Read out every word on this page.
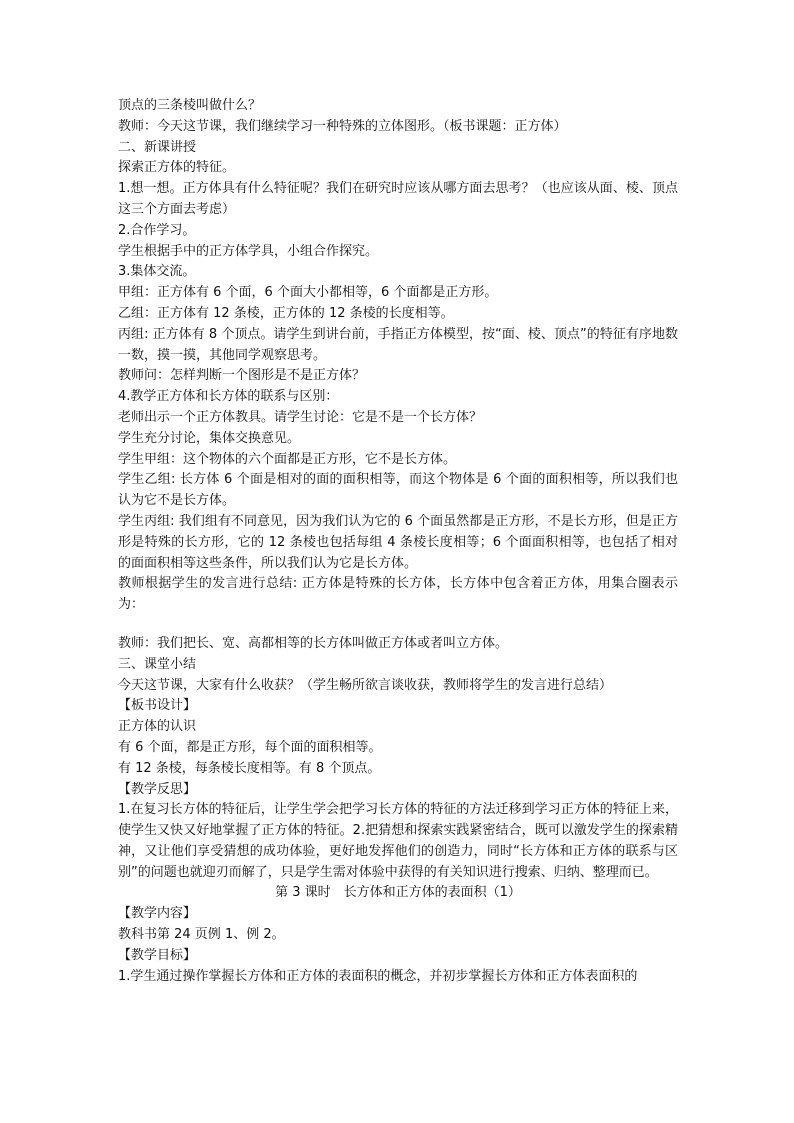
顶点的三条棱叫做什么？

教师：今天这节课，我们继续学习一种特殊的立体图形。（板书课题：正方体）

二、新课讲授

探索正方体的特征。

1.想一想。正方体具有什么特征呢？我们在研究时应该从哪方面去思考？（也应该从面、棱、顶点这三个方面去考虑）

2.合作学习。

学生根据手中的正方体学具，小组合作探究。

3.集体交流。

甲组：正方体有 6 个面，6 个面大小都相等，6 个面都是正方形。

乙组：正方体有 12 条棱，正方体的 12 条棱的长度相等。

丙组: 正方体有 8 个顶点。请学生到讲台前，手指正方体模型，按“面、棱、顶点”的特征有序地数一数，摸一摸，其他同学观察思考。

教师问：怎样判断一个图形是不是正方体？

4.教学正方体和长方体的联系与区别：

老师出示一个正方体教具。请学生讨论：它是不是一个长方体？

学生充分讨论，集体交换意见。

学生甲组：这个物体的六个面都是正方形，它不是长方体。

学生乙组: 长方体 6 个面是相对的面的面积相等，而这个物体是 6 个面的面积相等，所以我们也认为它不是长方体。

学生丙组: 我们组有不同意见，因为我们认为它的 6 个面虽然都是正方形，不是长方形，但是正方形是特殊的长方形，它的 12 条棱也包括每组 4 条棱长度相等；6 个面面积相等，也包括了相对的面面积相等这些条件，所以我们认为它是长方体。

教师根据学生的发言进行总结: 正方体是特殊的长方体，长方体中包含着正方体，用集合圈表示为：

教师：我们把长、宽、高都相等的长方体叫做正方体或者叫立方体。

三、课堂小结

今天这节课，大家有什么收获？（学生畅所欲言谈收获，教师将学生的发言进行总结）

【板书设计】

正方体的认识

有 6 个面，都是正方形，每个面的面积相等。

有 12 条棱，每条棱长度相等。有 8 个顶点。

【教学反思】

1.在复习长方体的特征后，让学生学会把学习长方体的特征的方法迁移到学习正方体的特征上来，使学生又快又好地掌握了正方体的特征。2.把猜想和探索实践紧密结合，既可以激发学生的探索精神，又让他们享受猜想的成功体验，更好地发挥他们的创造力，同时“长方体和正方体的联系与区别”的问题也就迎刃而解了，只是学生需对体验中获得的有关知识进行搜索、归纳、整理而已。

第 3 课时　长方体和正方体的表面积（1）

【教学内容】

教科书第 24 页例 1、例 2。

【教学目标】

1.学生通过操作掌握长方体和正方体的表面积的概念，并初步掌握长方体和正方体表面积的
